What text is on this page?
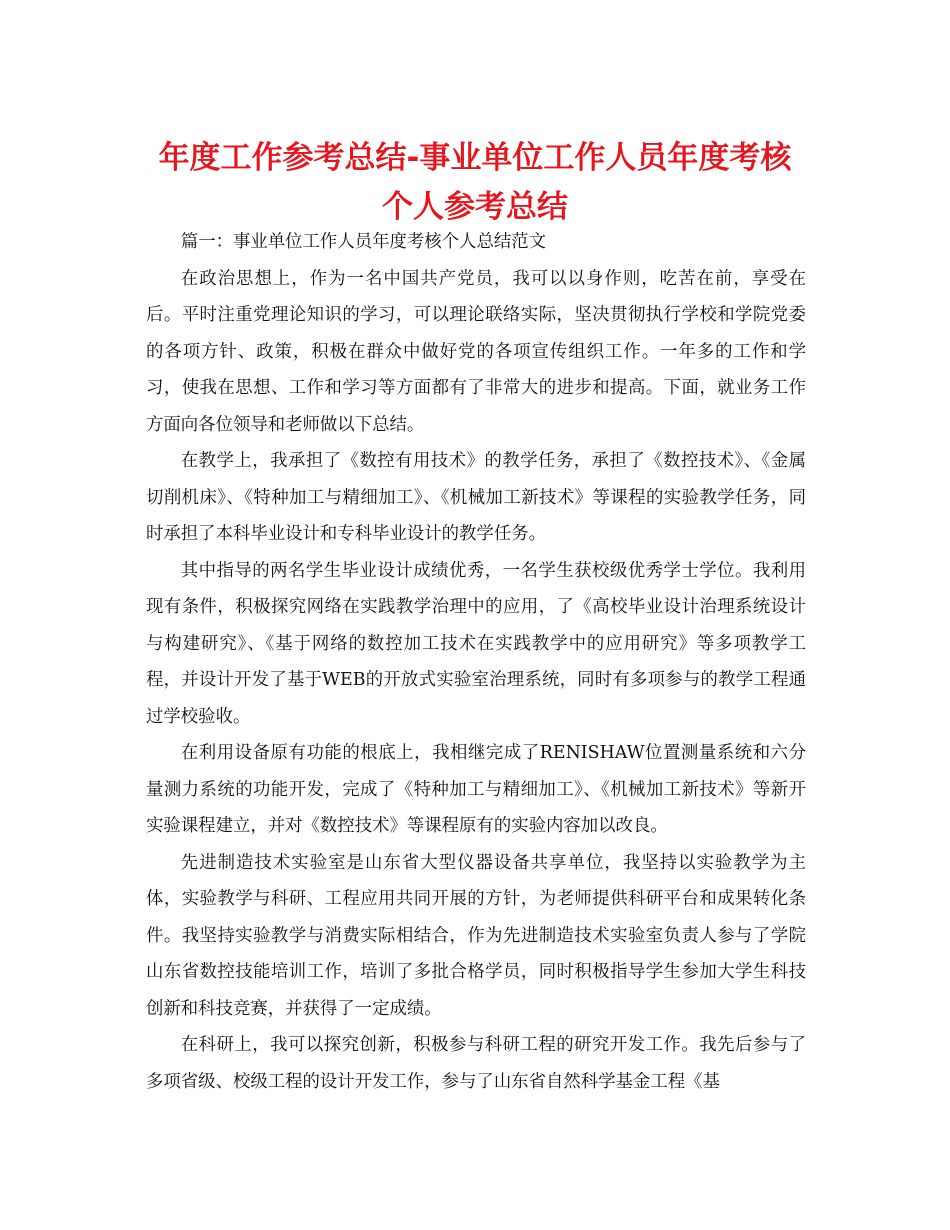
年度工作参考总结-事业单位工作人员年度考核
个人参考总结

篇一：事业单位工作人员年度考核个人总结范文

在政治思想上，作为一名中国共产党员，我可以以身作则，吃苦在前，享受在后。平时注重党理论知识的学习，可以理论联络实际，坚决贯彻执行学校和学院党委的各项方针、政策，积极在群众中做好党的各项宣传组织工作。一年多的工作和学习，使我在思想、工作和学习等方面都有了非常大的进步和提高。下面，就业务工作方面向各位领导和老师做以下总结。

在教学上，我承担了《数控有用技术》的教学任务，承担了《数控技术》、《金属切削机床》、《特种加工与精细加工》、《机械加工新技术》等课程的实验教学任务，同时承担了本科毕业设计和专科毕业设计的教学任务。

其中指导的两名学生毕业设计成绩优秀，一名学生获校级优秀学士学位。我利用现有条件，积极探究网络在实践教学治理中的应用，了《高校毕业设计治理系统设计与构建研究》、《基于网络的数控加工技术在实践教学中的应用研究》等多项教学工程，并设计开发了基于WEB的开放式实验室治理系统，同时有多项参与的教学工程通过学校验收。

在利用设备原有功能的根底上，我相继完成了RENISHAW位置测量系统和六分量测力系统的功能开发，完成了《特种加工与精细加工》、《机械加工新技术》等新开实验课程建立，并对《数控技术》等课程原有的实验内容加以改良。

先进制造技术实验室是山东省大型仪器设备共享单位，我坚持以实验教学为主体，实验教学与科研、工程应用共同开展的方针，为老师提供科研平台和成果转化条件。我坚持实验教学与消费实际相结合，作为先进制造技术实验室负责人参与了学院山东省数控技能培训工作，培训了多批合格学员，同时积极指导学生参加大学生科技创新和科技竞赛，并获得了一定成绩。

在科研上，我可以探究创新，积极参与科研工程的研究开发工作。我先后参与了多项省级、校级工程的设计开发工作，参与了山东省自然科学基金工程《基
